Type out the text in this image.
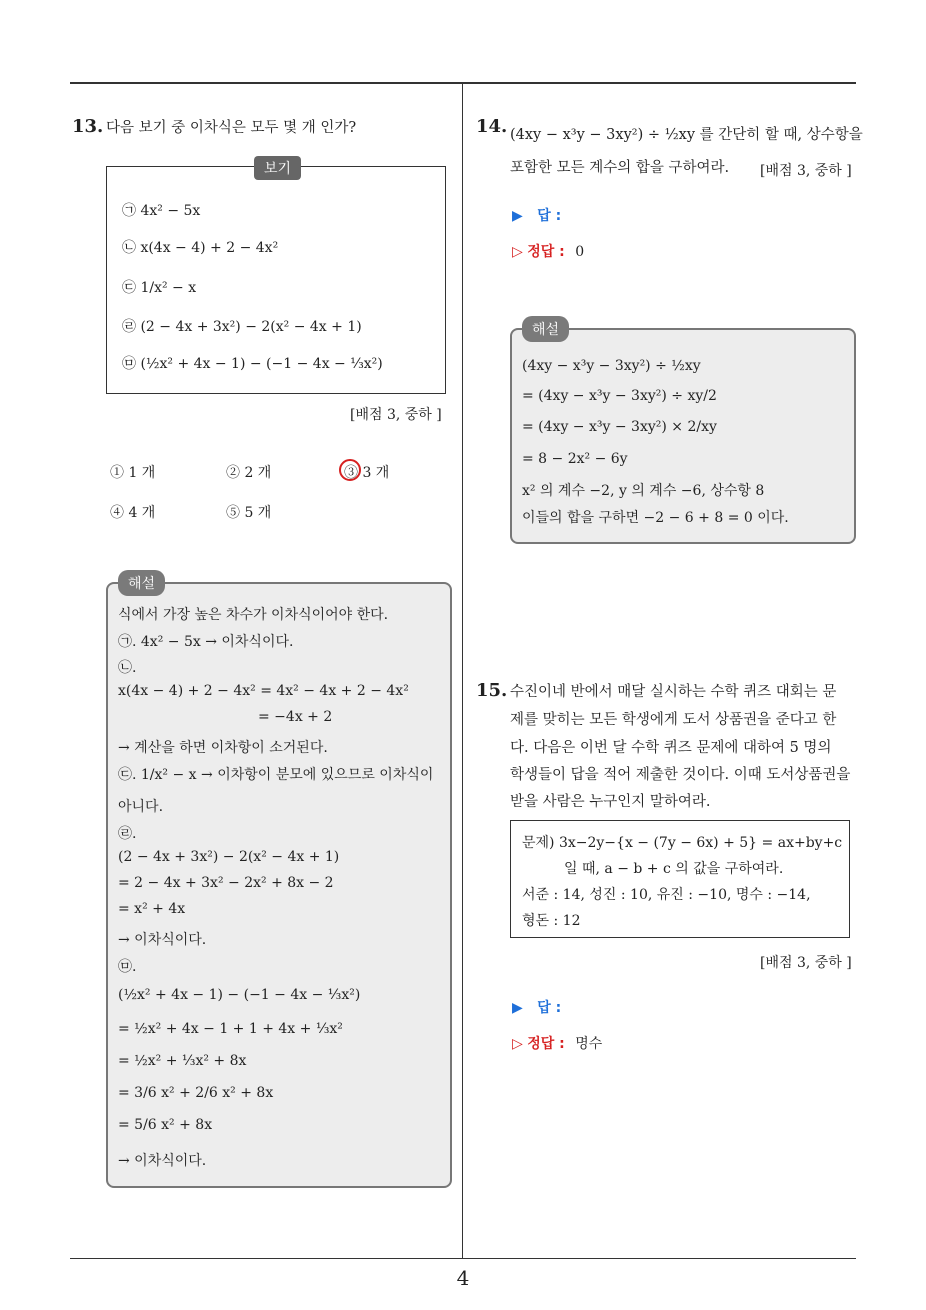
13. 다음 보기 중 이차식은 모두 몇 개 인가?
보기
㉠ 4x² − 5x
㉡ x(4x − 4) + 2 − 4x²
㉢ 1/x² − x
㉣ (2 − 4x + 3x²) − 2(x² − 4x + 1)
㉤ (½x² + 4x − 1) − (−1 − 4x − ⅓x²)
[배점 3, 중하 ]
① 1 개	② 2 개	③ 3 개
④ 4 개	⑤ 5 개
해설
식에서 가장 높은 차수가 이차식이어야 한다.
㉠. 4x² − 5x → 이차식이다.
㉡.
x(4x − 4) + 2 − 4x² = 4x² − 4x + 2 − 4x²
= −4x + 2
→ 계산을 하면 이차항이 소거된다.
㉢. 1/x² − x → 이차항이 분모에 있으므로 이차식이
아니다.
㉣.
(2 − 4x + 3x²) − 2(x² − 4x + 1)
= 2 − 4x + 3x² − 2x² + 8x − 2
= x² + 4x
→ 이차식이다.
㉤.
(½x² + 4x − 1) − (−1 − 4x − ⅓x²)
= ½x² + 4x − 1 + 1 + 4x + ⅓x²
= ½x² + ⅓x² + 8x
= 3/6 x² + 2/6 x² + 8x
= 5/6 x² + 8x
→ 이차식이다.
14. (4xy − x³y − 3xy²) ÷ ½xy 를 간단히 할 때, 상수항을
포함한 모든 계수의 합을 구하여라. [배점 3, 중하 ]
▶ 답 :
▷ 정답 : 0
해설
(4xy − x³y − 3xy²) ÷ ½xy
= (4xy − x³y − 3xy²) ÷ xy/2
= (4xy − x³y − 3xy²) × 2/xy
= 8 − 2x² − 6y
x² 의 계수 −2, y 의 계수 −6, 상수항 8
이들의 합을 구하면 −2 − 6 + 8 = 0 이다.
15. 수진이네 반에서 매달 실시하는 수학 퀴즈 대회는 문
제를 맞히는 모든 학생에게 도서 상품권을 준다고 한
다. 다음은 이번 달 수학 퀴즈 문제에 대하여 5 명의
학생들이 답을 적어 제출한 것이다. 이때 도서상품권을
받을 사람은 누구인지 말하여라.
문제) 3x−2y−{x − (7y − 6x) + 5} = ax+by+c
일 때, a − b + c 의 값을 구하여라.
서준 : 14, 성진 : 10, 유진 : −10, 명수 : −14,
형돈 : 12
[배점 3, 중하 ]
▶ 답 :
▷ 정답 : 명수
4
